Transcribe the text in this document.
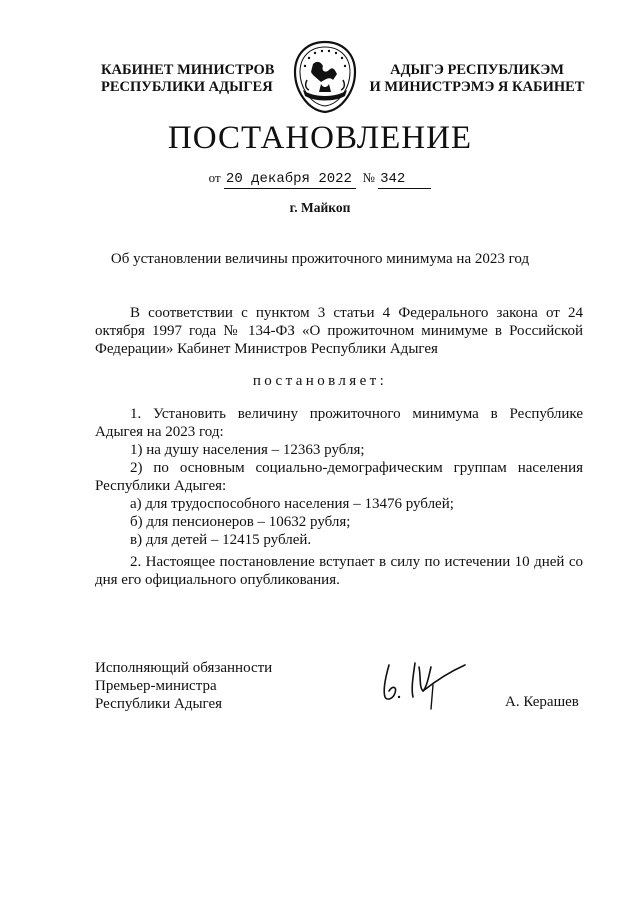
КАБИНЕТ МИНИСТРОВ
РЕСПУБЛИКИ АДЫГЕЯ
АДЫГЭ РЕСПУБЛИКЭМ
И МИНИСТРЭМЭ Я КАБИНЕТ
ПОСТАНОВЛЕНИЕ
от 20 декабря 2022 № 342
г. Майкоп
Об установлении величины прожиточного минимума на 2023 год
В соответствии с пунктом 3 статьи 4 Федерального закона от 24
октября 1997 года № 134-ФЗ «О прожиточном минимуме в Российской
Федерации» Кабинет Министров Республики Адыгея
постановляет:
1. Установить величину прожиточного минимума в Республике
Адыгея на 2023 год:
1) на душу населения – 12363 рубля;
2) по основным социально-демографическим группам населения
Республики Адыгея:
а) для трудоспособного населения – 13476 рублей;
б) для пенсионеров – 10632 рубля;
в) для детей – 12415 рублей.
2. Настоящее постановление вступает в силу по истечении 10 дней со
дня его официального опубликования.
Исполняющий обязанности
Премьер-министра
Республики Адыгея	А. Керашев
